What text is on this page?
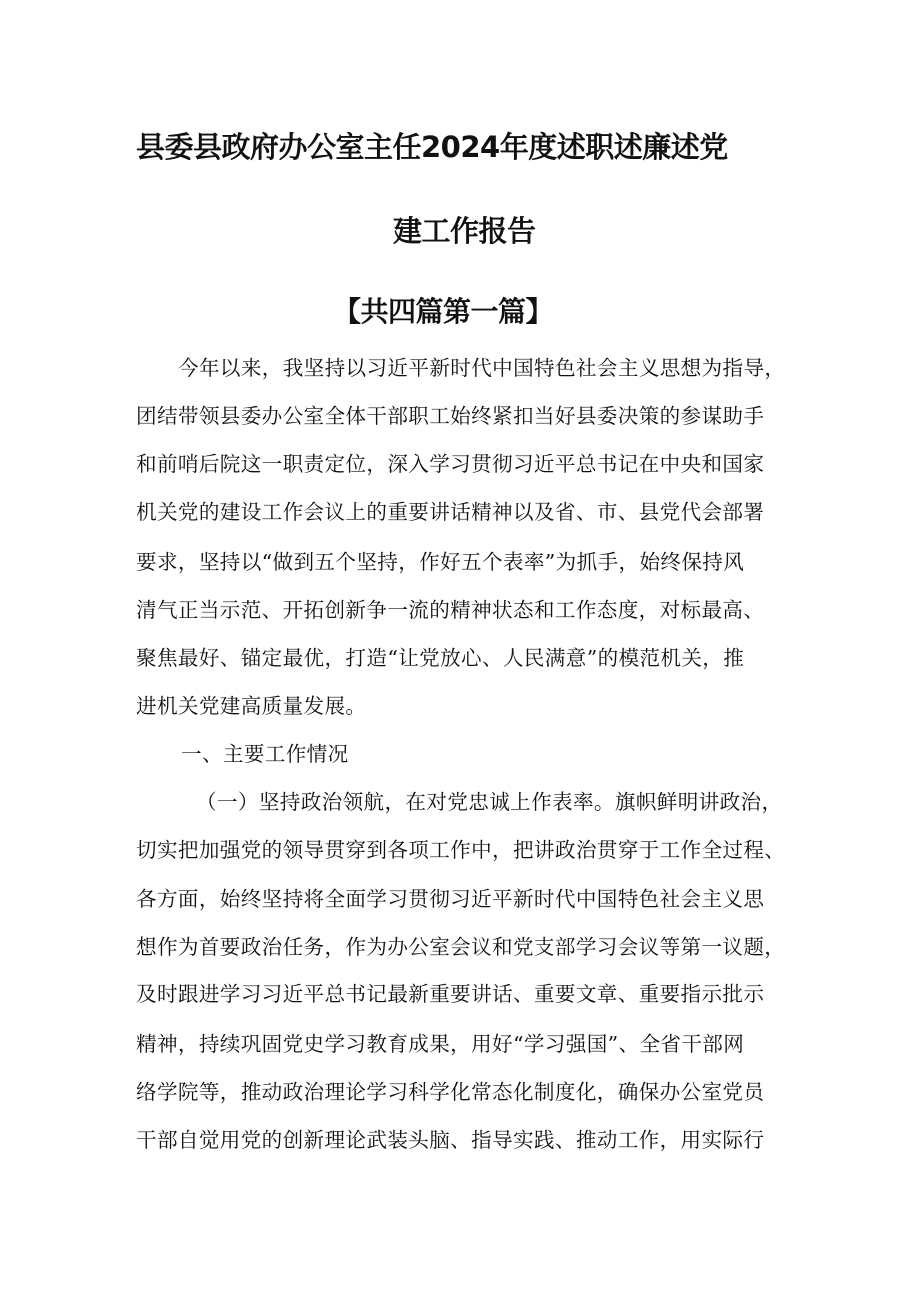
县委县政府办公室主任2024年度述职述廉述党
建工作报告
【共四篇第一篇】
今年以来，我坚持以习近平新时代中国特色社会主义思想为指导，
团结带领县委办公室全体干部职工始终紧扣当好县委决策的参谋助手
和前哨后院这一职责定位，深入学习贯彻习近平总书记在中央和国家
机关党的建设工作会议上的重要讲话精神以及省、市、县党代会部署
要求，坚持以“做到五个坚持，作好五个表率”为抓手，始终保持风
清气正当示范、开拓创新争一流的精神状态和工作态度，对标最高、
聚焦最好、锚定最优，打造“让党放心、人民满意”的模范机关，推
进机关党建高质量发展。
一、主要工作情况
（一）坚持政治领航，在对党忠诚上作表率。旗帜鲜明讲政治，
切实把加强党的领导贯穿到各项工作中，把讲政治贯穿于工作全过程、
各方面，始终坚持将全面学习贯彻习近平新时代中国特色社会主义思
想作为首要政治任务，作为办公室会议和党支部学习会议等第一议题，
及时跟进学习习近平总书记最新重要讲话、重要文章、重要指示批示
精神，持续巩固党史学习教育成果，用好“学习强国”、全省干部网
络学院等，推动政治理论学习科学化常态化制度化，确保办公室党员
干部自觉用党的创新理论武装头脑、指导实践、推动工作，用实际行
